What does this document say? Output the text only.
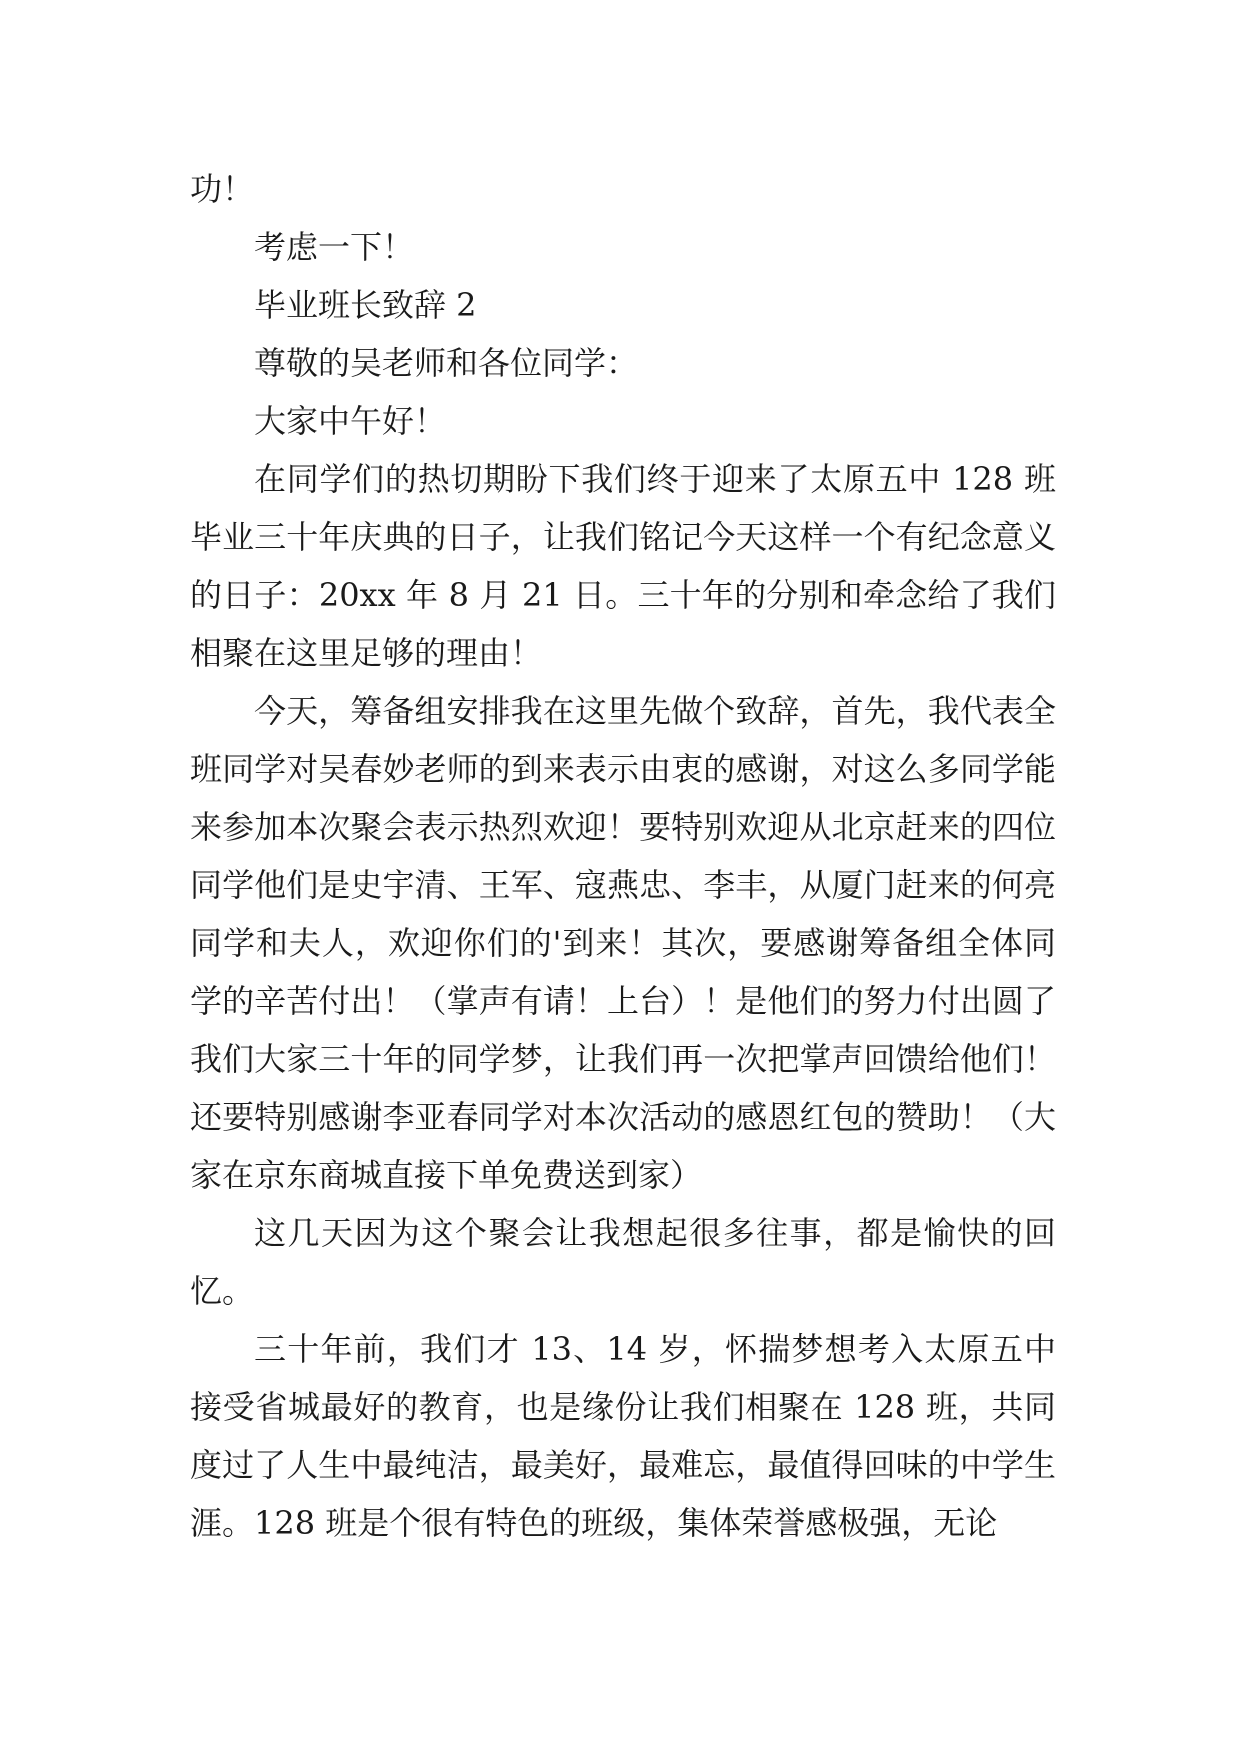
功！

考虑一下！

毕业班长致辞 2

尊敬的吴老师和各位同学：

大家中午好！

在同学们的热切期盼下我们终于迎来了太原五中 128 班毕业三十年庆典的日子，让我们铭记今天这样一个有纪念意义的日子：20xx 年 8 月 21 日。三十年的分别和牵念给了我们相聚在这里足够的理由！

今天，筹备组安排我在这里先做个致辞，首先，我代表全班同学对吴春妙老师的到来表示由衷的感谢，对这么多同学能来参加本次聚会表示热烈欢迎！要特别欢迎从北京赶来的四位同学他们是史宇清、王军、寇燕忠、李丰，从厦门赶来的何亮同学和夫人，欢迎你们的'到来！其次，要感谢筹备组全体同学的辛苦付出！（掌声有请！上台）！是他们的努力付出圆了我们大家三十年的同学梦，让我们再一次把掌声回馈给他们！还要特别感谢李亚春同学对本次活动的感恩红包的赞助！（大家在京东商城直接下单免费送到家）

这几天因为这个聚会让我想起很多往事，都是愉快的回忆。

三十年前，我们才 13、14 岁，怀揣梦想考入太原五中接受省城最好的教育，也是缘份让我们相聚在 128 班，共同度过了人生中最纯洁，最美好，最难忘，最值得回味的中学生涯。128 班是个很有特色的班级，集体荣誉感极强，无论
